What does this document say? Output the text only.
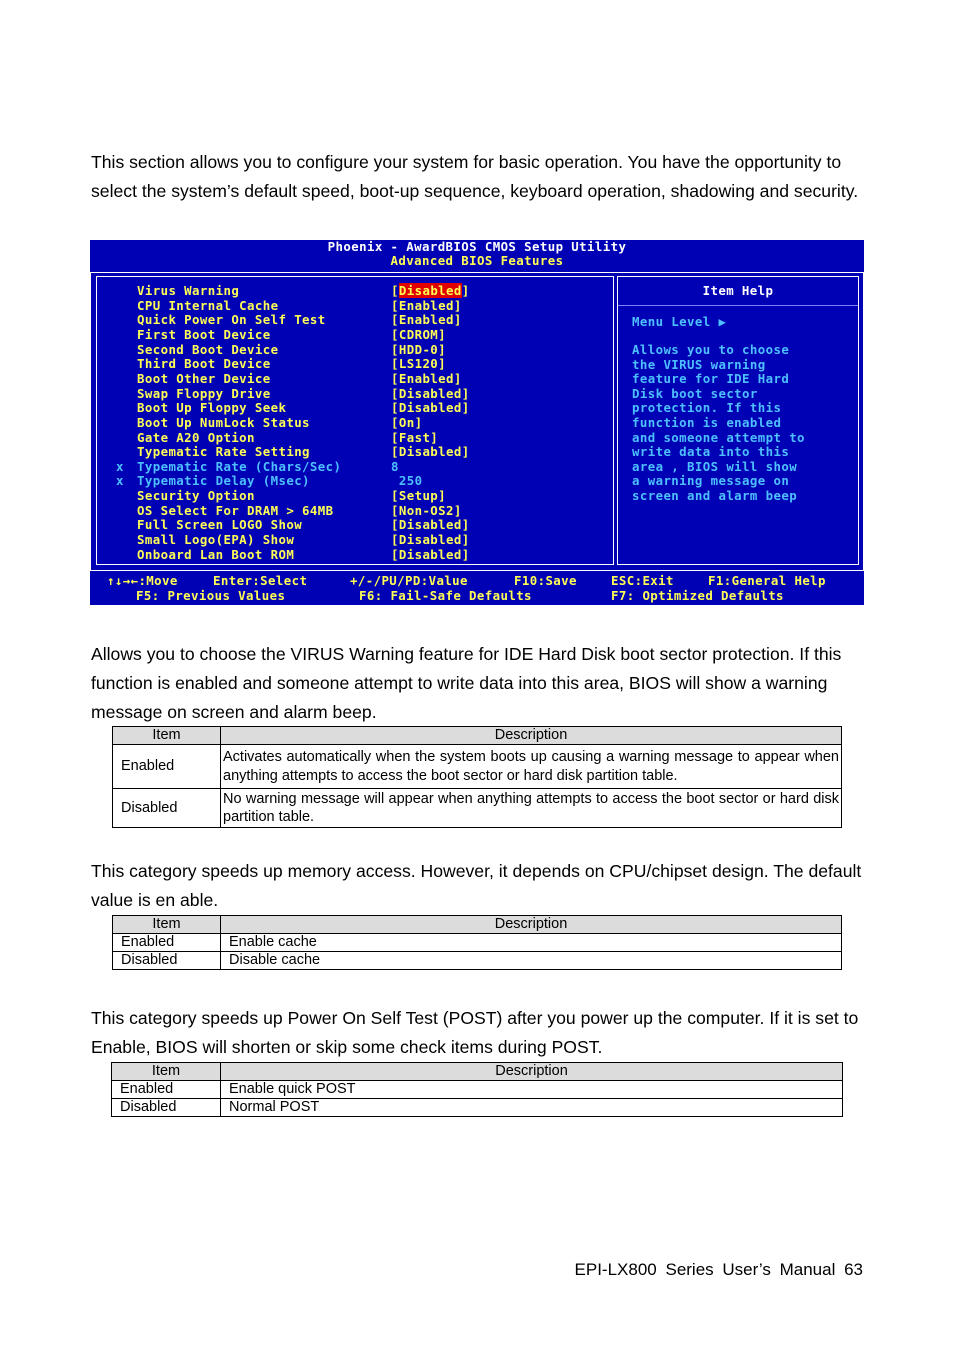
This section allows you to configure your system for basic operation. You have the opportunity to select the system’s default speed, boot-up sequence, keyboard operation, shadowing and security.

Phoenix - AwardBIOS CMOS Setup Utility
Advanced BIOS Features
Virus Warning	[Disabled]
CPU Internal Cache	[Enabled]
Quick Power On Self Test	[Enabled]
First Boot Device	[CDROM]
Second Boot Device	[HDD-0]
Third Boot Device	[LS120]
Boot Other Device	[Enabled]
Swap Floppy Drive	[Disabled]
Boot Up Floppy Seek	[Disabled]
Boot Up NumLock Status	[On]
Gate A20 Option	[Fast]
Typematic Rate Setting	[Disabled]
x Typematic Rate (Chars/Sec)	8
x Typematic Delay (Msec)	250
Security Option	[Setup]
OS Select For DRAM > 64MB	[Non-OS2]
Full Screen LOGO Show	[Disabled]
Small Logo(EPA) Show	[Disabled]
Onboard Lan Boot ROM	[Disabled]
Item Help
Menu Level ▶
Allows you to choose
the VIRUS warning
feature for IDE Hard
Disk boot sector
protection. If this
function is enabled
and someone attempt to
write data into this
area , BIOS will show
a warning message on
screen and alarm beep

↑↓→←:Move

	Enter:Select

	+/-/PU/PD:Value

	F10:Save

	ESC:Exit

	F1:General Help

F5: Previous Values

	F6: Fail-Safe Defaults

	F7: Optimized Defaults

Allows you to choose the VIRUS Warning feature for IDE Hard Disk boot sector protection. If this function is enabled and someone attempt to write data into this area, BIOS will show a warning message on screen and alarm beep.

Item	Description
Enabled	Activates automatically when the system boots up causing a warning message to appear when anything attempts to access the boot sector or hard disk partition table.
Disabled	No warning message will appear when anything attempts to access the boot sector or hard disk partition table.

This category speeds up memory access. However, it depends on CPU/chipset design. The default value is en able.

Item	Description
Enabled	Enable cache
Disabled	Disable cache

This category speeds up Power On Self Test (POST) after you power up the computer. If it is set to Enable, BIOS will shorten or skip some check items during POST.

Item	Description
Enabled	Enable quick POST
Disabled	Normal POST
EPI-LX800 Series User’s Manual 63
